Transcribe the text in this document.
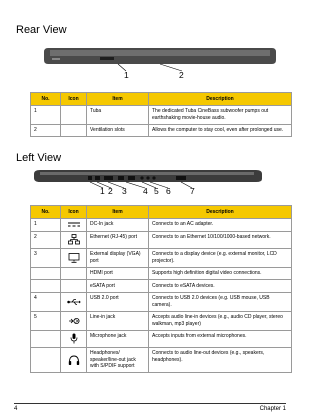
Rear View
1	2
No.	Icon	Item	Description
1		Tuba	The dedicated Tuba CineBass subwoofer pumps out earthshaking movie-house audio.
2		Ventilation slots	Allows the computer to stay cool, even after prolonged use.
Left View
1 2 3 4 5 6 7
No.	Icon	Item	Description
1		DC-In jack	Connects to an AC adapter.
2		Ethernet (RJ-45) port	Connects to an Ethernet 10/100/1000-based network.
3		External display (VGA) port	Connects to a display device (e.g. external monitor, LCD projector).
		HDMI port	Supports high definition digital video connections.
		eSATA port	Connects to eSATA devices.
4		USB 2.0 port	Connects to USB 2.0 devices (e.g. USB mouse, USB camera).
5		Line-in jack	Accepts audio line-in devices (e.g., audio CD player, stereo walkman, mp3 player)
		Microphone jack	Accepts inputs from external microphones.
		Headphones/ speaker/line-out jack with S/PDIF support	Connects to audio line-out devices (e.g., speakers, headphones).
4	Chapter 1
